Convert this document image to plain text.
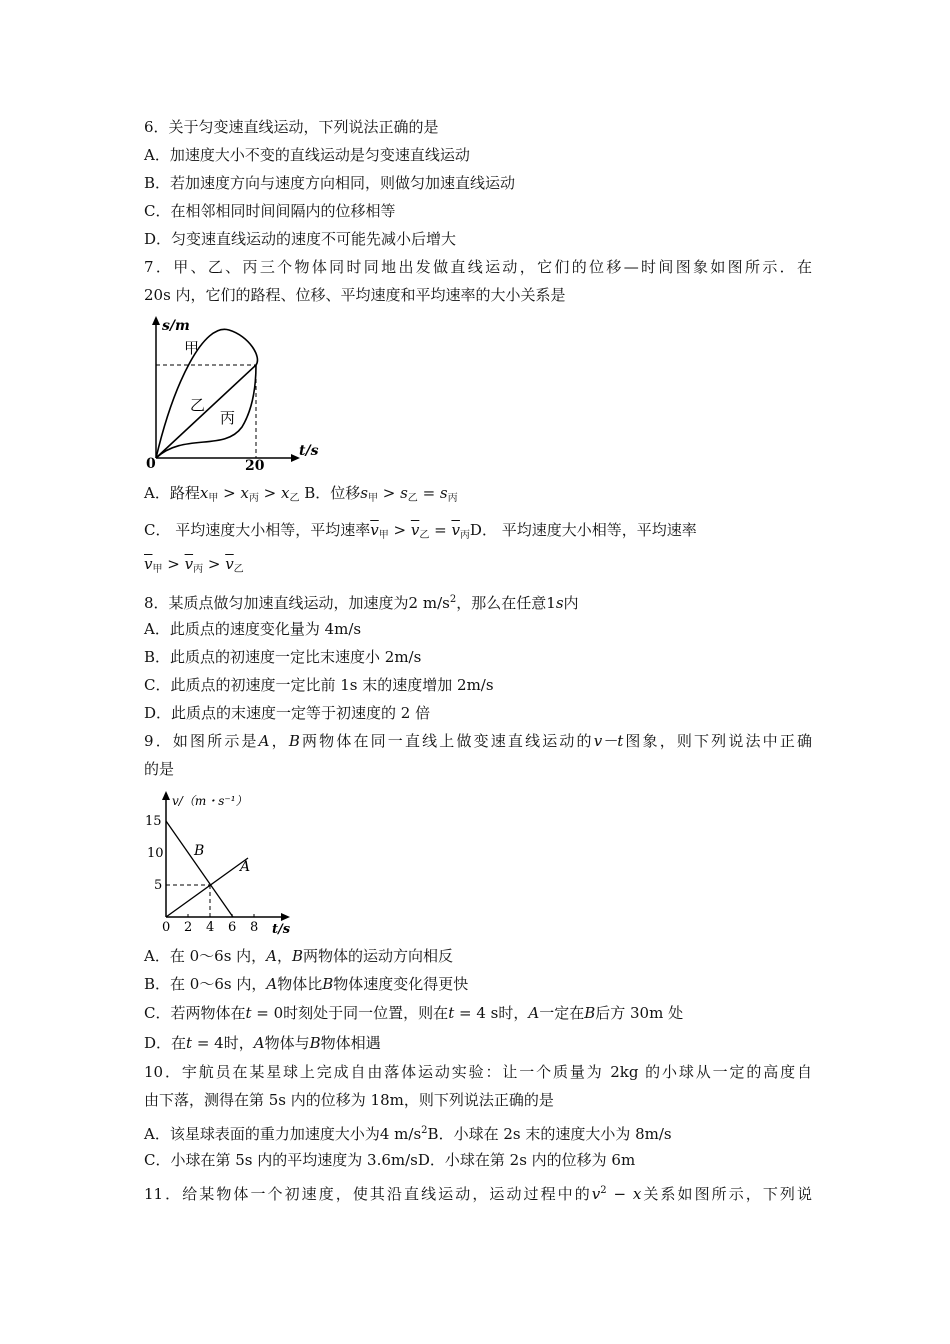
6．关于匀变速直线运动，下列说法正确的是
A．加速度大小不变的直线运动是匀变速直线运动
B．若加速度方向与速度方向相同，则做匀加速直线运动
C．在相邻相同时间间隔内的位移相等
D．匀变速直线运动的速度不可能先减小后增大
7．甲、乙、丙三个物体同时同地出发做直线运动，它们的位移—时间图象如图所示．在
20s 内，它们的路程、位移、平均速度和平均速率的大小关系是
s/m
t/s
0	20
甲
乙
丙
A．路程$x_甲 > x_丙 > x_乙$ B．位移$s_甲 > s_乙 = s_丙$
C． 平均速度大小相等，平均速率$\overline{v}_甲 > \overline{v}_乙 = \overline{v}_丙D$． 平均速度大小相等，平均速率
$\overline{v}_甲 > \overline{v}_丙 > \overline{v}_乙$
8．某质点做匀加速直线运动，加速度为2 $m/s^2$，那么在任意1s内
A．此质点的速度变化量为 4m/s
B．此质点的初速度一定比末速度小 2m/s
C．此质点的初速度一定比前 1s 末的速度增加 2m/s
D．此质点的末速度一定等于初速度的 2 倍
9．如图所示是A，B两物体在同一直线上做变速直线运动的v－t图象，则下列说法中正确
的是
v/（m・s⁻¹）
t/s
15
10
5
0 2 4 6 8
B
A
A．在 0～6s 内，A，B两物体的运动方向相反
B．在 0～6s 内，A物体比B物体速度变化得更快
C．若两物体在t = 0时刻处于同一位置，则在t = 4 s时，A一定在B后方 30m 处
D．在t = 4时，A物体与B物体相遇
10．宇航员在某星球上完成自由落体运动实验：让一个质量为 2kg 的小球从一定的高度自
由下落，测得在第 5s 内的位移为 18m，则下列说法正确的是
A．该星球表面的重力加速度大小为4 $m/s^2B$．小球在 2s 末的速度大小为 8m/s
C．小球在第 5s 内的平均速度为 3.6m/sD．小球在第 2s 内的位移为 6m
11．给某物体一个初速度，使其沿直线运动，运动过程中的$v^2 - x$关系如图所示，下列说
